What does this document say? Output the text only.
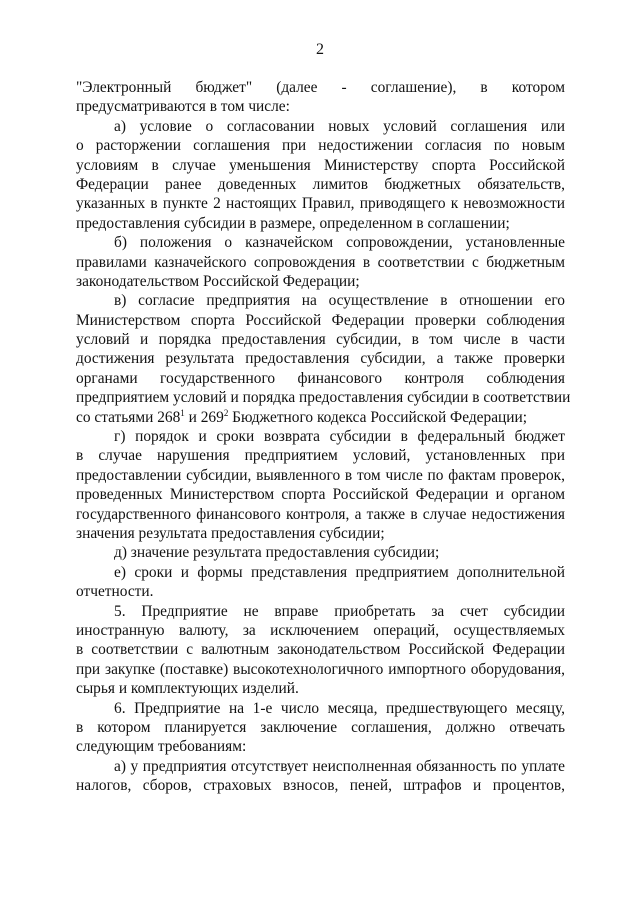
2
"Электронный бюджет" (далее - соглашение), в котором
предусматриваются в том числе:
а) условие о согласовании новых условий соглашения или
о расторжении соглашения при недостижении согласия по новым
условиям в случае уменьшения Министерству спорта Российской
Федерации ранее доведенных лимитов бюджетных обязательств,
указанных в пункте 2 настоящих Правил, приводящего к невозможности
предоставления субсидии в размере, определенном в соглашении;
б) положения о казначейском сопровождении, установленные
правилами казначейского сопровождения в соответствии с бюджетным
законодательством Российской Федерации;
в) согласие предприятия на осуществление в отношении его
Министерством спорта Российской Федерации проверки соблюдения
условий и порядка предоставления субсидии, в том числе в части
достижения результата предоставления субсидии, а также проверки
органами государственного финансового контроля соблюдения
предприятием условий и порядка предоставления субсидии в соответствии
со статьями $268^1$ и $269^2$ Бюджетного кодекса Российской Федерации;
г) порядок и сроки возврата субсидии в федеральный бюджет
в случае нарушения предприятием условий, установленных при
предоставлении субсидии, выявленного в том числе по фактам проверок,
проведенных Министерством спорта Российской Федерации и органом
государственного финансового контроля, а также в случае недостижения
значения результата предоставления субсидии;
д) значение результата предоставления субсидии;
е) сроки и формы представления предприятием дополнительной
отчетности.
5. Предприятие не вправе приобретать за счет субсидии
иностранную валюту, за исключением операций, осуществляемых
в соответствии с валютным законодательством Российской Федерации
при закупке (поставке) высокотехнологичного импортного оборудования,
сырья и комплектующих изделий.
6. Предприятие на 1-е число месяца, предшествующего месяцу,
в котором планируется заключение соглашения, должно отвечать
следующим требованиям:
а) у предприятия отсутствует неисполненная обязанность по уплате
налогов, сборов, страховых взносов, пеней, штрафов и процентов,
